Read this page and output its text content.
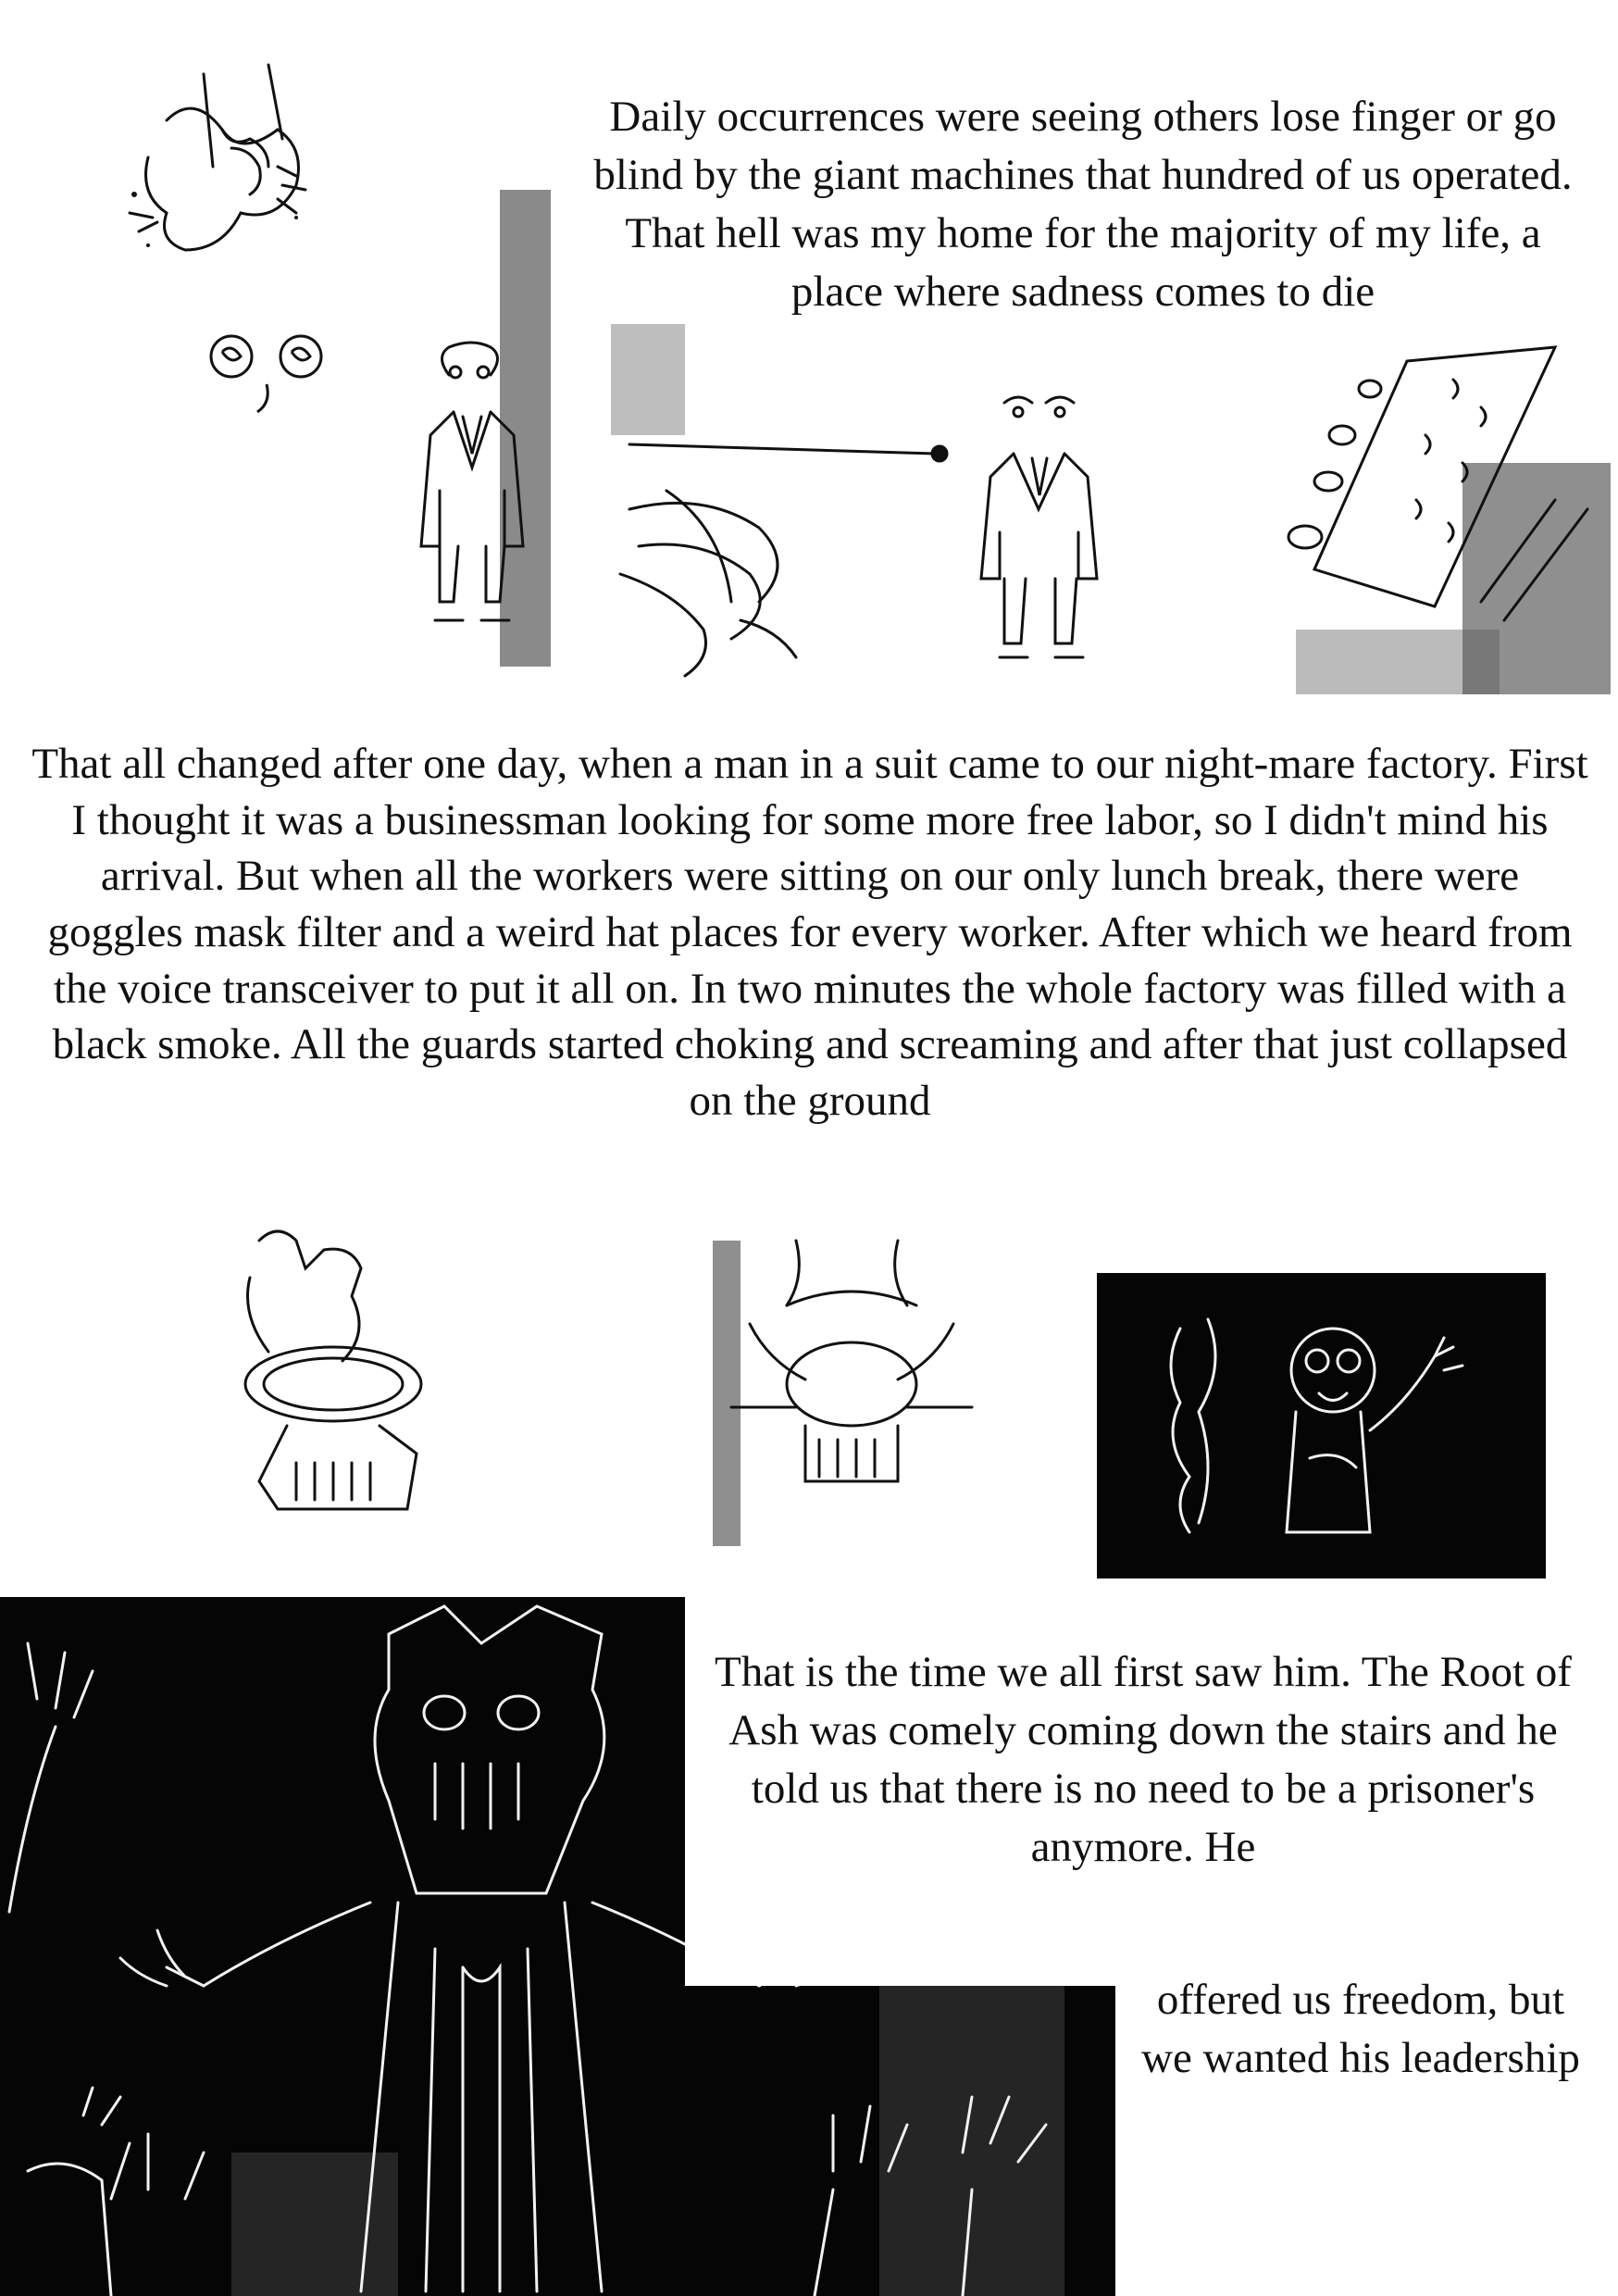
Daily occurrences were seeing others lose finger or go blind by the giant machines that hundred of us operated. That hell was my home for the majority of my life, a place where sadness comes to die

That all changed after one day, when a man in a suit came to our night-mare factory. First I thought it was a businessman looking for some more free labor, so I didn't mind his arrival. But when all the workers were sitting on our only lunch break, there were goggles mask filter and a weird hat places for every worker. After which we heard from the voice transceiver to put it all on. In two minutes the whole factory was filled with a black smoke. All the guards started choking and screaming and after that just collapsed on the ground

That is the time we all first saw him. The Root of Ash was comely coming down the stairs and he told us that there is no need to be a prisoner's anymore. He

offered us freedom, but we wanted his leadership
